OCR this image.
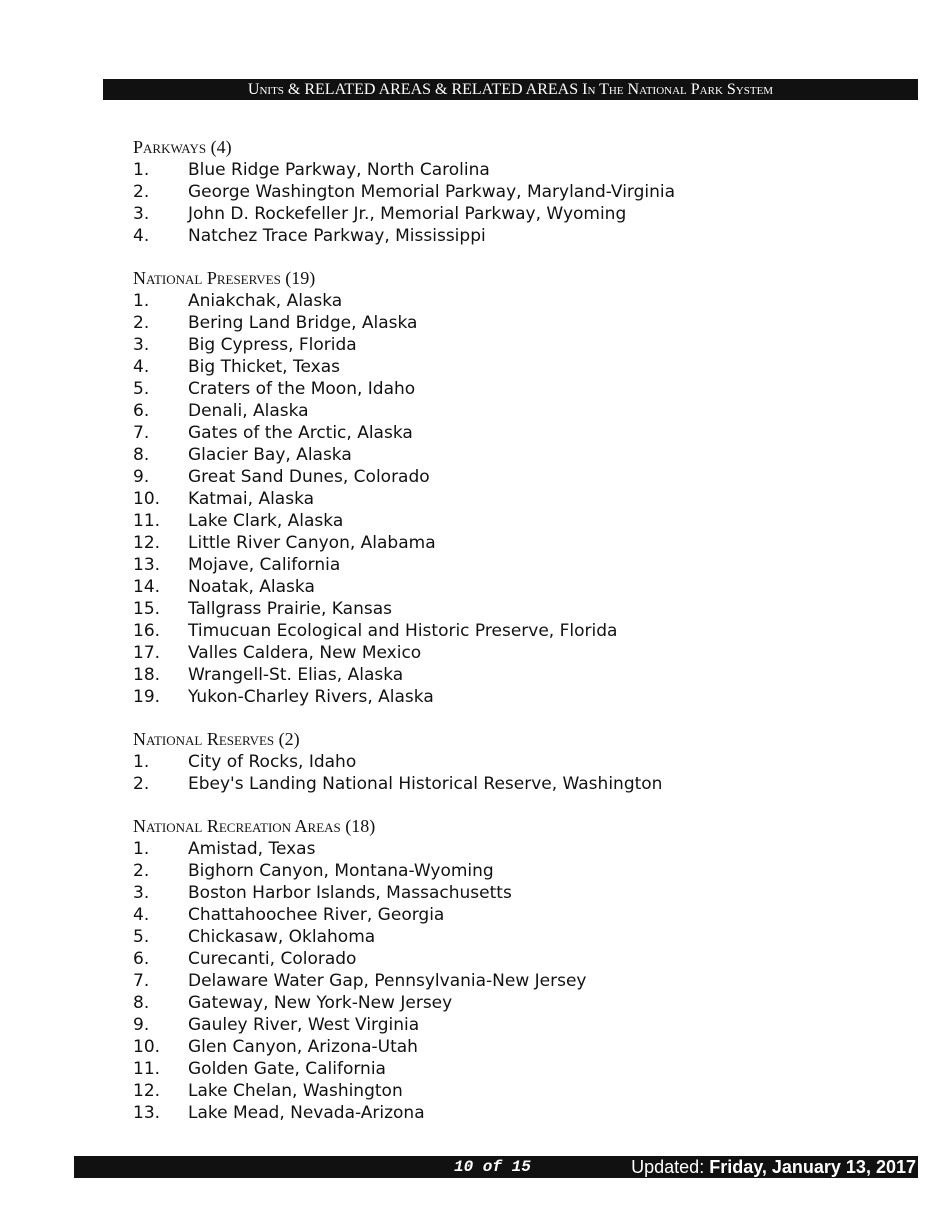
Units & RELATED AREAS & RELATED AREAS In The National Park System
Parkways (4)
1. Blue Ridge Parkway, North Carolina
2. George Washington Memorial Parkway, Maryland-Virginia
3. John D. Rockefeller Jr., Memorial Parkway, Wyoming
4. Natchez Trace Parkway, Mississippi
National Preserves (19)
1. Aniakchak, Alaska
2. Bering Land Bridge, Alaska
3. Big Cypress, Florida
4. Big Thicket, Texas
5. Craters of the Moon, Idaho
6. Denali, Alaska
7. Gates of the Arctic, Alaska
8. Glacier Bay, Alaska
9. Great Sand Dunes, Colorado
10. Katmai, Alaska
11. Lake Clark, Alaska
12. Little River Canyon, Alabama
13. Mojave, California
14. Noatak, Alaska
15. Tallgrass Prairie, Kansas
16. Timucuan Ecological and Historic Preserve, Florida
17. Valles Caldera, New Mexico
18. Wrangell-St. Elias, Alaska
19. Yukon-Charley Rivers, Alaska
National Reserves (2)
1. City of Rocks, Idaho
2. Ebey's Landing National Historical Reserve, Washington
National Recreation Areas (18)
1. Amistad, Texas
2. Bighorn Canyon, Montana-Wyoming
3. Boston Harbor Islands, Massachusetts
4. Chattahoochee River, Georgia
5. Chickasaw, Oklahoma
6. Curecanti, Colorado
7. Delaware Water Gap, Pennsylvania-New Jersey
8. Gateway, New York-New Jersey
9. Gauley River, West Virginia
10. Glen Canyon, Arizona-Utah
11. Golden Gate, California
12. Lake Chelan, Washington
13. Lake Mead, Nevada-Arizona
10 of 15	Updated: Friday, January 13, 2017
